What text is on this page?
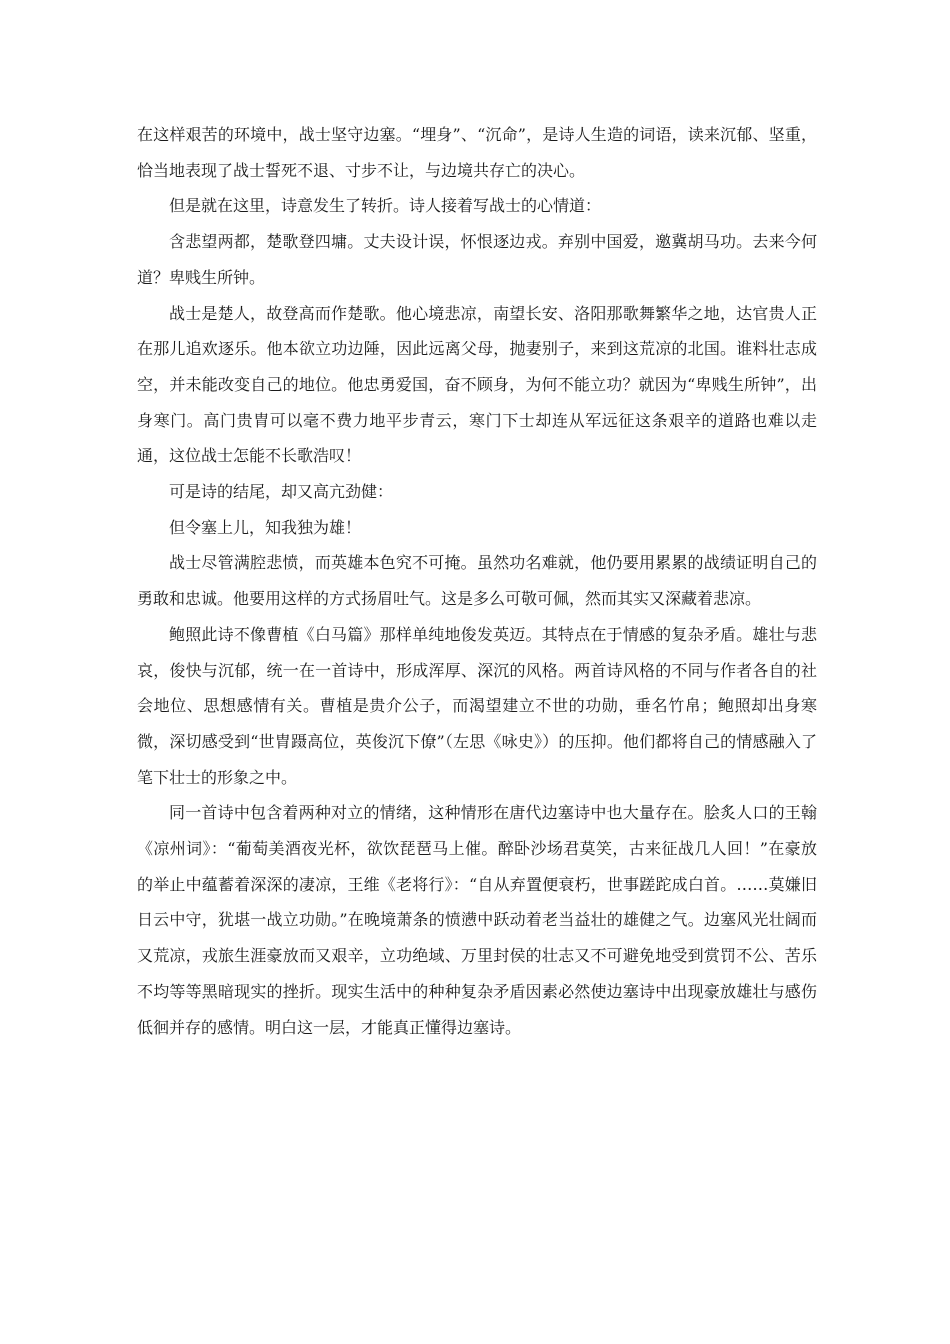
在这样艰苦的环境中，战士坚守边塞。“埋身”、“沉命”，是诗人生造的词语，读来沉郁、坚重，恰当地表现了战士誓死不退、寸步不让，与边境共存亡的决心。

但是就在这里，诗意发生了转折。诗人接着写战士的心情道：

含悲望两都，楚歌登四墉。丈夫设计误，怀恨逐边戎。弃别中国爱，邀冀胡马功。去来今何道？卑贱生所钟。

战士是楚人，故登高而作楚歌。他心境悲凉，南望长安、洛阳那歌舞繁华之地，达官贵人正在那儿追欢逐乐。他本欲立功边陲，因此远离父母，抛妻别子，来到这荒凉的北国。谁料壮志成空，并未能改变自己的地位。他忠勇爱国，奋不顾身，为何不能立功？就因为“卑贱生所钟”，出身寒门。高门贵胄可以毫不费力地平步青云，寒门下士却连从军远征这条艰辛的道路也难以走通，这位战士怎能不长歌浩叹！

可是诗的结尾，却又高亢劲健：

但令塞上儿，知我独为雄！

战士尽管满腔悲愤，而英雄本色究不可掩。虽然功名难就，他仍要用累累的战绩证明自己的勇敢和忠诚。他要用这样的方式扬眉吐气。这是多么可敬可佩，然而其实又深藏着悲凉。

鲍照此诗不像曹植《白马篇》那样单纯地俊发英迈。其特点在于情感的复杂矛盾。雄壮与悲哀，俊快与沉郁，统一在一首诗中，形成浑厚、深沉的风格。两首诗风格的不同与作者各自的社会地位、思想感情有关。曹植是贵介公子，而渴望建立不世的功勋，垂名竹帛；鲍照却出身寒微，深切感受到“世胄蹑高位，英俊沉下僚”（左思《咏史》）的压抑。他们都将自己的情感融入了笔下壮士的形象之中。

同一首诗中包含着两种对立的情绪，这种情形在唐代边塞诗中也大量存在。脍炙人口的王翰《凉州词》：“葡萄美酒夜光杯，欲饮琵琶马上催。醉卧沙场君莫笑，古来征战几人回！”在豪放的举止中蕴蓄着深深的凄凉，王维《老将行》：“自从弃置便衰朽，世事蹉跎成白首。……莫嫌旧日云中守，犹堪一战立功勋。”在晚境萧条的愤懑中跃动着老当益壮的雄健之气。边塞风光壮阔而又荒凉，戎旅生涯豪放而又艰辛，立功绝域、万里封侯的壮志又不可避免地受到赏罚不公、苦乐不均等等黑暗现实的挫折。现实生活中的种种复杂矛盾因素必然使边塞诗中出现豪放雄壮与感伤低徊并存的感情。明白这一层，才能真正懂得边塞诗。
